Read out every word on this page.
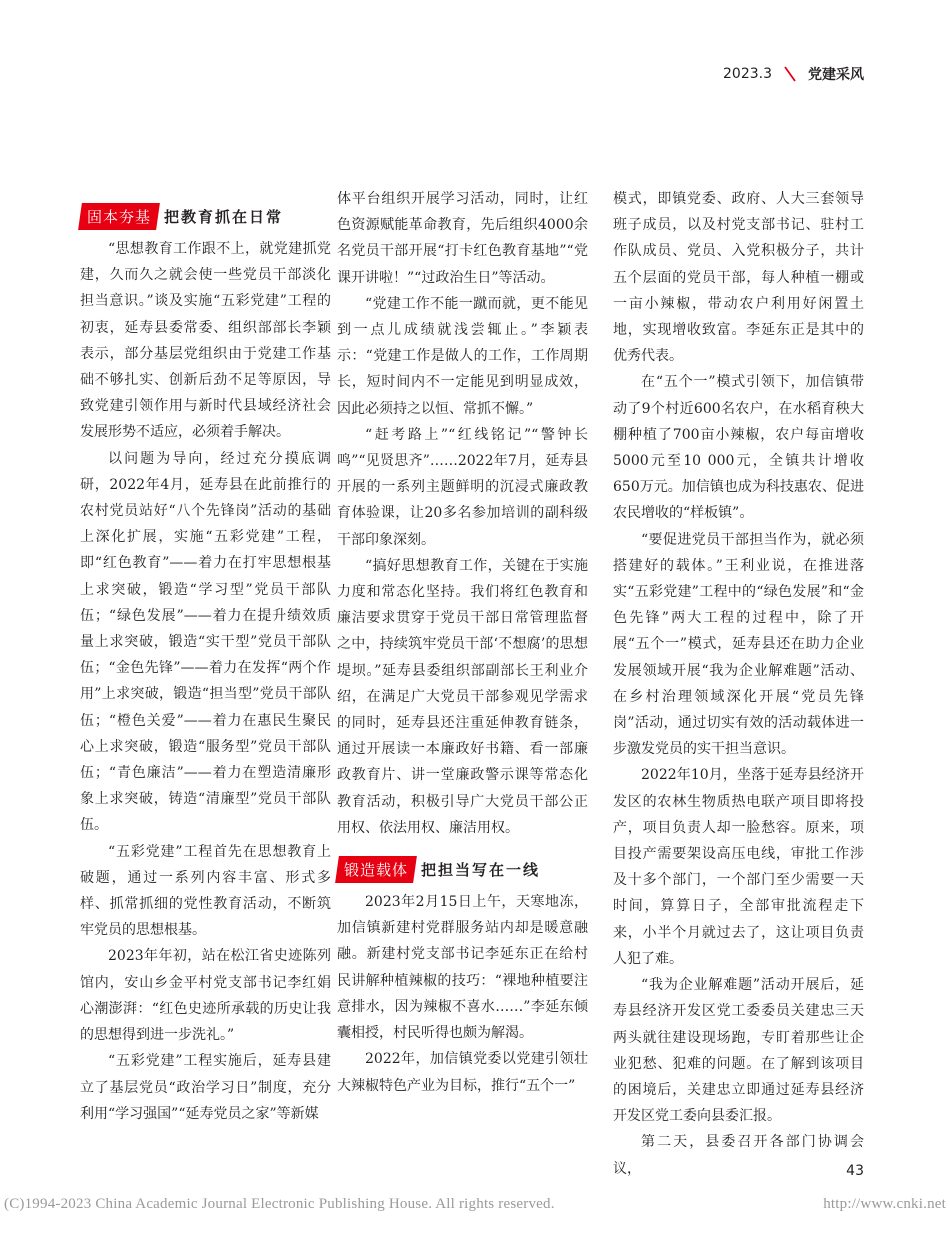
2023.3	党建采风
固本夯基 把教育抓在日常

“思想教育工作跟不上，就党建抓党建，久而久之就会使一些党员干部淡化担当意识。”谈及实施“五彩党建”工程的初衷，延寿县委常委、组织部部长李颖表示，部分基层党组织由于党建工作基础不够扎实、创新后劲不足等原因，导致党建引领作用与新时代县域经济社会发展形势不适应，必须着手解决。

以问题为导向，经过充分摸底调研，2022年4月，延寿县在此前推行的农村党员站好“八个先锋岗”活动的基础上深化扩展，实施“五彩党建”工程，即“红色教育”——着力在打牢思想根基上求突破，锻造“学习型”党员干部队伍；“绿色发展”——着力在提升绩效质量上求突破，锻造“实干型”党员干部队伍；“金色先锋”——着力在发挥“两个作用”上求突破，锻造“担当型”党员干部队伍；“橙色关爱”——着力在惠民生聚民心上求突破，锻造“服务型”党员干部队伍；“青色廉洁”——着力在塑造清廉形象上求突破，铸造“清廉型”党员干部队伍。

“五彩党建”工程首先在思想教育上破题，通过一系列内容丰富、形式多样、抓常抓细的党性教育活动，不断筑牢党员的思想根基。

2023年年初，站在松江省史迹陈列馆内，安山乡金平村党支部书记李红娟心潮澎湃：“红色史迹所承载的历史让我的思想得到进一步洗礼。”

“五彩党建”工程实施后，延寿县建立了基层党员“政治学习日”制度，充分利用“学习强国”“延寿党员之家”等新媒

体平台组织开展学习活动，同时，让红色资源赋能革命教育，先后组织4000余名党员干部开展“打卡红色教育基地”“党课开讲啦！”“过政治生日”等活动。

“党建工作不能一蹴而就，更不能见到一点儿成绩就浅尝辄止。”李颖表示：“党建工作是做人的工作，工作周期长，短时间内不一定能见到明显成效，因此必须持之以恒、常抓不懈。”

“赶考路上”“红线铭记”“警钟长鸣”“见贤思齐”……2022年7月，延寿县开展的一系列主题鲜明的沉浸式廉政教育体验课，让20多名参加培训的副科级干部印象深刻。

“搞好思想教育工作，关键在于实施力度和常态化坚持。我们将红色教育和廉洁要求贯穿于党员干部日常管理监督之中，持续筑牢党员干部‘不想腐’的思想堤坝。”延寿县委组织部副部长王利业介绍，在满足广大党员干部参观见学需求的同时，延寿县还注重延伸教育链条，通过开展读一本廉政好书籍、看一部廉政教育片、讲一堂廉政警示课等常态化教育活动，积极引导广大党员干部公正用权、依法用权、廉洁用权。

锻造载体 把担当写在一线

2023年2月15日上午，天寒地冻，加信镇新建村党群服务站内却是暖意融融。新建村党支部书记李延东正在给村民讲解种植辣椒的技巧：“裸地种植要注意排水，因为辣椒不喜水……”李延东倾囊相授，村民听得也颇为解渴。

2022年，加信镇党委以党建引领壮大辣椒特色产业为目标，推行“五个一”

模式，即镇党委、政府、人大三套领导班子成员，以及村党支部书记、驻村工作队成员、党员、入党积极分子，共计五个层面的党员干部，每人种植一棚或一亩小辣椒，带动农户利用好闲置土地，实现增收致富。李延东正是其中的优秀代表。

在“五个一”模式引领下，加信镇带动了9个村近600名农户，在水稻育秧大棚种植了700亩小辣椒，农户每亩增收5000元至10 000元，全镇共计增收650万元。加信镇也成为科技惠农、促进农民增收的“样板镇”。

“要促进党员干部担当作为，就必须搭建好的载体。”王利业说，在推进落实“五彩党建”工程中的“绿色发展”和“金色先锋”两大工程的过程中，除了开展“五个一”模式，延寿县还在助力企业发展领域开展“我为企业解难题”活动、在乡村治理领域深化开展“党员先锋岗”活动，通过切实有效的活动载体进一步激发党员的实干担当意识。

2022年10月，坐落于延寿县经济开发区的农林生物质热电联产项目即将投产，项目负责人却一脸愁容。原来，项目投产需要架设高压电线，审批工作涉及十多个部门，一个部门至少需要一天时间，算算日子，全部审批流程走下来，小半个月就过去了，这让项目负责人犯了难。

“我为企业解难题”活动开展后，延寿县经济开发区党工委委员关建忠三天两头就往建设现场跑，专盯着那些让企业犯愁、犯难的问题。在了解到该项目的困境后，关建忠立即通过延寿县经济开发区党工委向县委汇报。

第二天，县委召开各部门协调会议，	43
(C)1994-2023 China Academic Journal Electronic Publishing House. All rights reserved.	http://www.cnki.net
